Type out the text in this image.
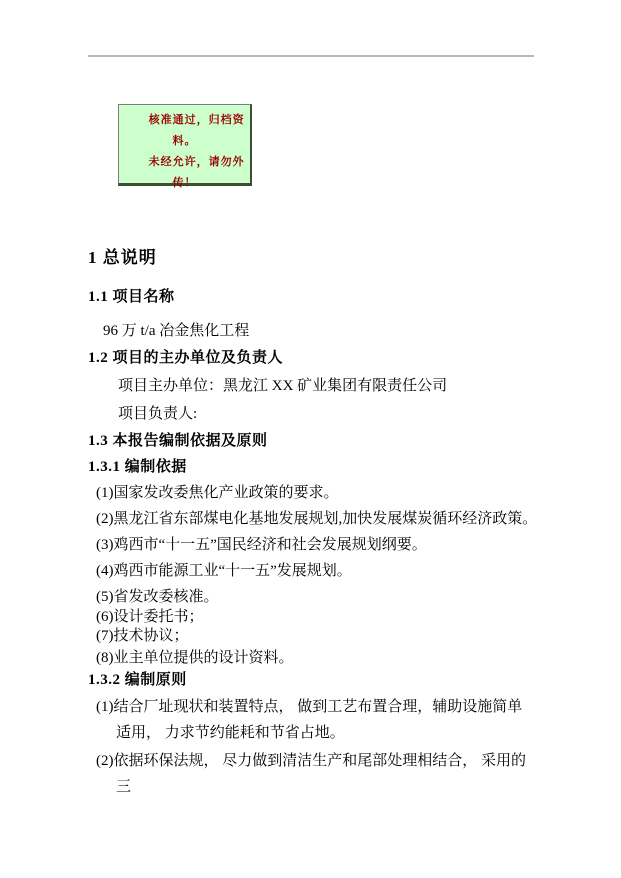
核准通过，归档资料。

未经允许，请勿外传！

1 总说明

1.1 项目名称

96 万 t/a 冶金焦化工程

1.2 项目的主办单位及负责人

项目主办单位：黑龙江 XX 矿业集团有限责任公司

项目负责人:

1.3 本报告编制依据及原则

1.3.1 编制依据

(1)国家发改委焦化产业政策的要求。

(2)黑龙江省东部煤电化基地发展规划,加快发展煤炭循环经济政策。

(3)鸡西市“十一五”国民经济和社会发展规划纲要。

(4)鸡西市能源工业“十一五”发展规划。

(5)省发改委核准。

(6)设计委托书；

(7)技术协议；

(8)业主单位提供的设计资料。

1.3.2 编制原则

(1)结合厂址现状和装置特点， 做到工艺布置合理，辅助设施简单适用， 力求节约能耗和节省占地。

(2)依据环保法规， 尽力做到清洁生产和尾部处理相结合， 采用的三
